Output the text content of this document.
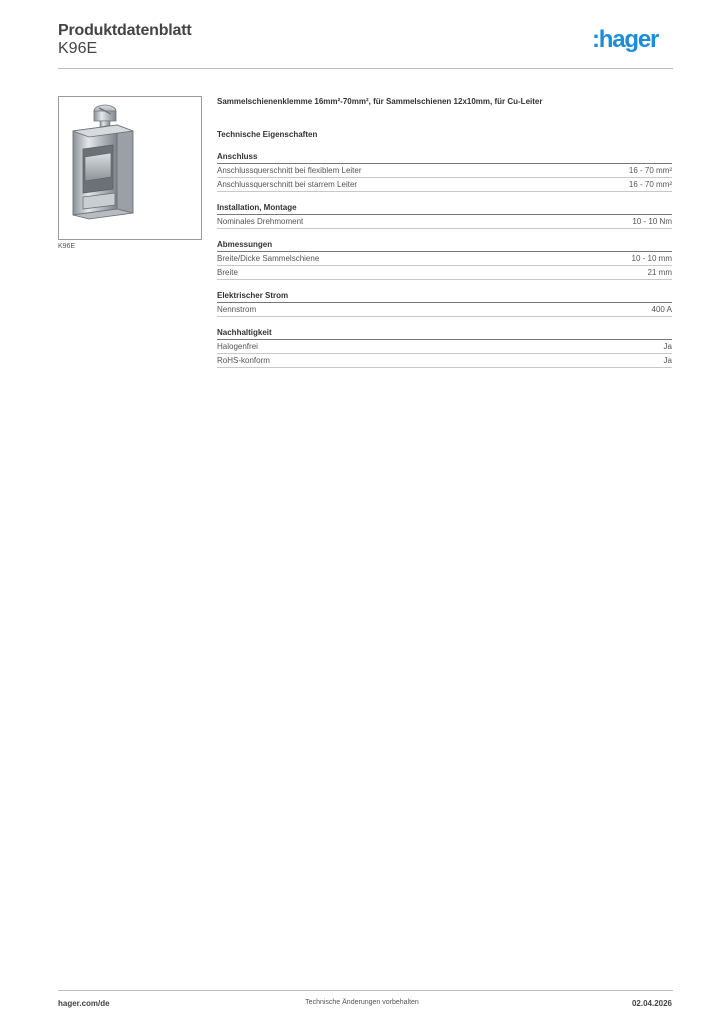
Produktdatenblatt
K96E	:hager
K96E
Sammelschienenklemme 16mm²-70mm², für Sammelschienen 12x10mm, für Cu-Leiter
Technische Eigenschaften
Anschluss
Anschlussquerschnitt bei flexiblem Leiter	16 - 70 mm²
Anschlussquerschnitt bei starrem Leiter	16 - 70 mm²
Installation, Montage
Nominales Drehmoment	10 - 10 Nm
Abmessungen
Breite/Dicke Sammelschiene	10 - 10 mm
Breite	21 mm
Elektrischer Strom
Nennstrom	400 A
Nachhaltigkeit
Halogenfrei	Ja
RoHS-konform	Ja
hager.com/de	Technische Änderungen vorbehalten	02.04.2026
